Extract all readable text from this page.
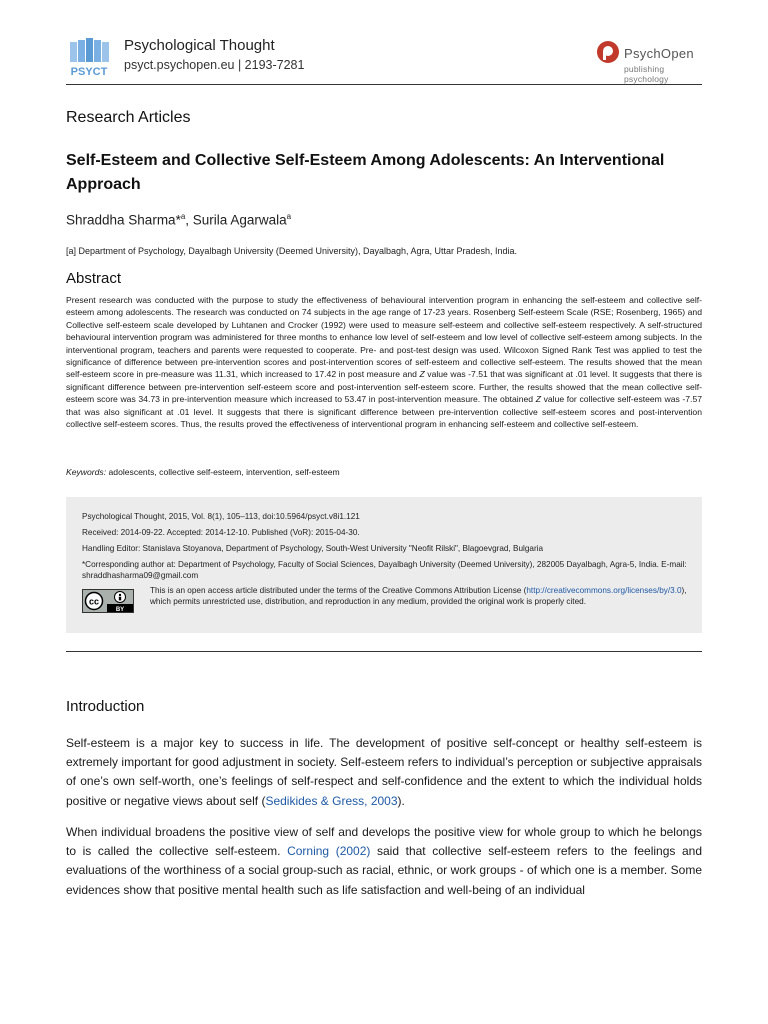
PSYCT
Psychological Thought
psyct.psychopen.eu | 2193-7281
PsychOpen
publishing psychology
Research Articles
Self-Esteem and Collective Self-Esteem Among Adolescents: An Interventional Approach
Shraddha Sharma*$^a$, Surila Agarwala$^a$
[a] Department of Psychology, Dayalbagh University (Deemed University), Dayalbagh, Agra, Uttar Pradesh, India.
Abstract
Present research was conducted with the purpose to study the effectiveness of behavioural intervention program in enhancing the self-esteem and collective self-esteem among adolescents. The research was conducted on 74 subjects in the age range of 17-23 years. Rosenberg Self-esteem Scale (RSE; Rosenberg, 1965) and Collective self-esteem scale developed by Luhtanen and Crocker (1992) were used to measure self-esteem and collective self-esteem respectively. A self-structured behavioural intervention program was administered for three months to enhance low level of self-esteem and low level of collective self-esteem among subjects. In the interventional program, teachers and parents were requested to cooperate. Pre- and post-test design was used. Wilcoxon Signed Rank Test was applied to test the significance of difference between pre-intervention scores and post-intervention scores of self-esteem and collective self-esteem. The results showed that the mean self-esteem score in pre-measure was 11.31, which increased to 17.42 in post measure and Z value was -7.51 that was significant at .01 level. It suggests that there is significant difference between pre-intervention self-esteem score and post-intervention self-esteem score. Further, the results showed that the mean collective self-esteem score was 34.73 in pre-intervention measure which increased to 53.47 in post-intervention measure. The obtained Z value for collective self-esteem was -7.57 that was also significant at .01 level. It suggests that there is significant difference between pre-intervention collective self-esteem scores and post-intervention collective self-esteem scores. Thus, the results proved the effectiveness of interventional program in enhancing self-esteem and collective self-esteem.
Keywords: adolescents, collective self-esteem, intervention, self-esteem
Psychological Thought, 2015, Vol. 8(1), 105–113, doi:10.5964/psyct.v8i1.121
Received: 2014-09-22. Accepted: 2014-12-10. Published (VoR): 2015-04-30.
Handling Editor: Stanislava Stoyanova, Department of Psychology, South-West University "Neofit Rilski", Blagoevgrad, Bulgaria
*Corresponding author at: Department of Psychology, Faculty of Social Sciences, Dayalbagh University (Deemed University), 282005 Dayalbagh, Agra-5, India. E-mail: shraddhasharma09@gmail.com
cc
BY
This is an open access article distributed under the terms of the Creative Commons Attribution License (http://creativecommons.org/licenses/by/3.0), which permits unrestricted use, distribution, and reproduction in any medium, provided the original work is properly cited.
Introduction
Self-esteem is a major key to success in life. The development of positive self-concept or healthy self-esteem is extremely important for good adjustment in society. Self-esteem refers to individual’s perception or subjective appraisals of one’s own self-worth, one’s feelings of self-respect and self-confidence and the extent to which the individual holds positive or negative views about self (Sedikides & Gress, 2003).
When individual broadens the positive view of self and develops the positive view for whole group to which he belongs to is called the collective self-esteem. Corning (2002) said that collective self-esteem refers to the feelings and evaluations of the worthiness of a social group-such as racial, ethnic, or work groups - of which one is a member. Some evidences show that positive mental health such as life satisfaction and well-being of an individual
